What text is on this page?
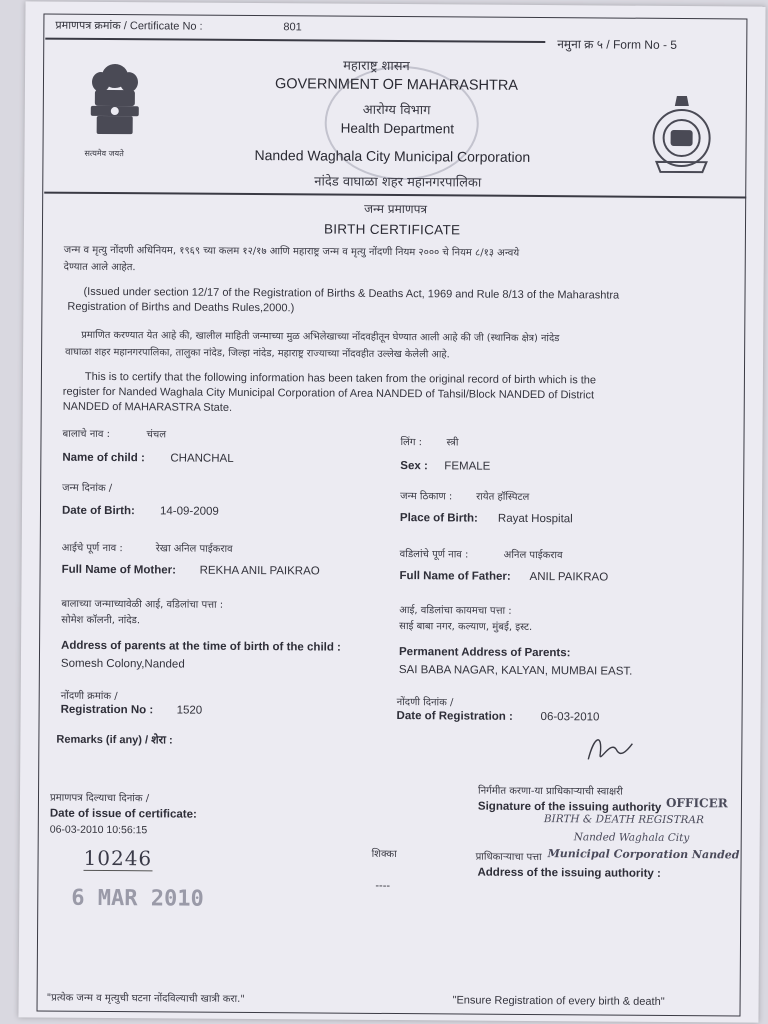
प्रमाणपत्र क्रमांक / Certificate No :	801
नमुना क्र ५ / Form No - 5
सत्यमेव जयते
महाराष्ट्र शासन
GOVERNMENT OF MAHARASHTRA
आरोग्य विभाग
Health Department
Nanded Waghala City Municipal Corporation
नांदेड वाघाळा शहर महानगरपालिका
जन्म प्रमाणपत्र
BIRTH CERTIFICATE
जन्म व मृत्यु नोंदणी अधिनियम, १९६९ च्या कलम १२/१७ आणि महाराष्ट्र जन्म व मृत्यु नोंदणी नियम २००० चे नियम ८/१३ अन्वये
देण्यात आले आहेत.
(Issued under section 12/17 of the Registration of Births & Deaths Act, 1969 and Rule 8/13 of the Maharashtra
Registration of Births and Deaths Rules,2000.)
प्रमाणित करण्यात येत आहे की, खालील माहिती जन्माच्या मुळ अभिलेखाच्या नोंदवहीतून घेण्यात आली आहे की जी (स्थानिक क्षेत्र) नांदेड
वाघाळा शहर महानगरपालिका, तालुका नांदेड, जिल्हा नांदेड, महाराष्ट्र राज्याच्या नोंदवहीत उल्लेख केलेली आहे.
This is to certify that the following information has been taken from the original record of birth which is the
register for Nanded Waghala City Municipal Corporation of Area NANDED of Tahsil/Block NANDED of District
NANDED of MAHARASTRA State.
बालाचे नाव :	चंचल
Name of child : CHANCHAL
लिंग : स्त्री
Sex : FEMALE
जन्म दिनांक /
Date of Birth: 14-09-2009
जन्म ठिकाण : रायेत हॉस्पिटल
Place of Birth: Rayat Hospital
आईचे पूर्ण नाव :	रेखा अनिल पाईकराव
Full Name of Mother: REKHA ANIL PAIKRAO
वडिलांचे पूर्ण नाव :	अनिल पाईकराव
Full Name of Father: ANIL PAIKRAO
बालाच्या जन्माच्यावेळी आई, वडिलांचा पत्ता :
सोमेश कॉलनी, नांदेड.
Address of parents at the time of birth of the child :
Somesh Colony,Nanded
आई, वडिलांचा कायमचा पत्ता :
साई बाबा नगर, कल्याण, मुंबई, इस्ट.
Permanent Address of Parents:
SAI BABA NAGAR, KALYAN, MUMBAI EAST.
नोंदणी क्रमांक /
Registration No : 1520
नोंदणी दिनांक /
Date of Registration : 06-03-2010
Remarks (if any) / शेरा :
प्रमाणपत्र दिल्याचा दिनांक /
Date of issue of certificate:
06-03-2010 10:56:15
10246
6 MAR 2010
शिक्का
----
निर्गमीत करणा-या प्राधिकाऱ्याची स्वाक्षरी
Signature of the issuing authority OFFICER
BIRTH & DEATH REGISTRAR
Nanded Waghala City
प्राधिकाऱ्याचा पत्ता Municipal Corporation Nanded
Address of the issuing authority :
"प्रत्येक जन्म व मृत्युची घटना नोंदविल्याची खात्री करा."	"Ensure Registration of every birth & death"
